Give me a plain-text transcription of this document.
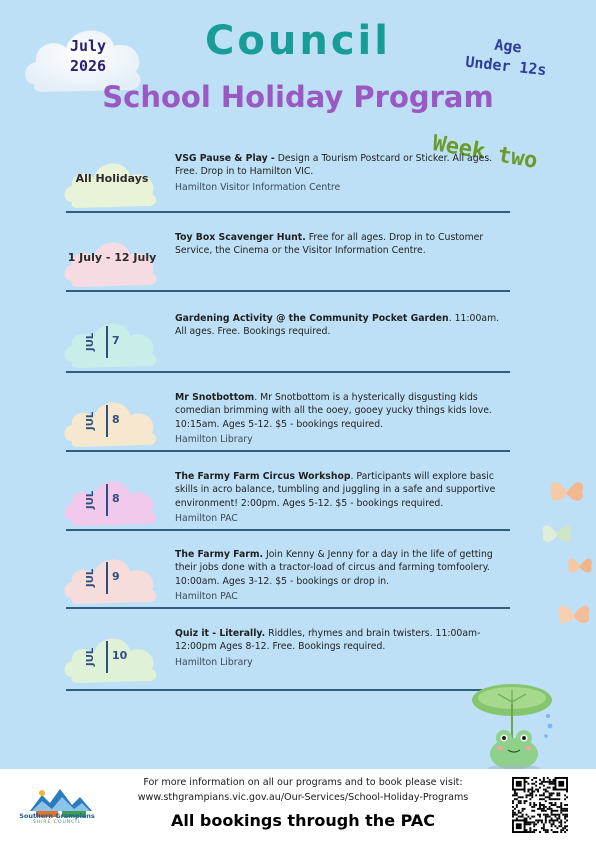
July
2026
Council
School Holiday Program
Age
Under 12s
Week two
All Holidays
VSG Pause & Play - Design a Tourism Postcard or Sticker. All ages. Free. Drop in to Hamilton VIC.
Hamilton Visitor Information Centre
1 July - 12 July
Toy Box Scavenger Hunt. Free for all ages. Drop in to Customer Service, the Cinema or the Visitor Information Centre.
JUL	7
Gardening Activity @ the Community Pocket Garden. 11:00am. All ages. Free. Bookings required.
JUL	8
Mr Snotbottom. Mr Snotbottom is a hysterically disgusting kids comedian brimming with all the ooey, gooey yucky things kids love. 10:15am. Ages 5-12. $5 - bookings required.
Hamilton Library
JUL	8
The Farmy Farm Circus Workshop. Participants will explore basic skills in acro balance, tumbling and juggling in a safe and supportive environment! 2:00pm. Ages 5-12. $5 - bookings required.
Hamilton PAC
JUL	9
The Farmy Farm. Join Kenny & Jenny for a day in the life of getting their jobs done with a tractor-load of circus and farming tomfoolery. 10:00am. Ages 3-12. $5 - bookings or drop in.
Hamilton PAC
JUL	10
Quiz it - Literally. Riddles, rhymes and brain twisters. 11:00am-12:00pm Ages 8-12. Free. Bookings required.
Hamilton Library
Southern Grampians
SHIRE COUNCIL
For more information on all our programs and to book please visit:
www.sthgrampians.vic.gov.au/Our-Services/School-Holiday-Programs
All bookings through the PAC
